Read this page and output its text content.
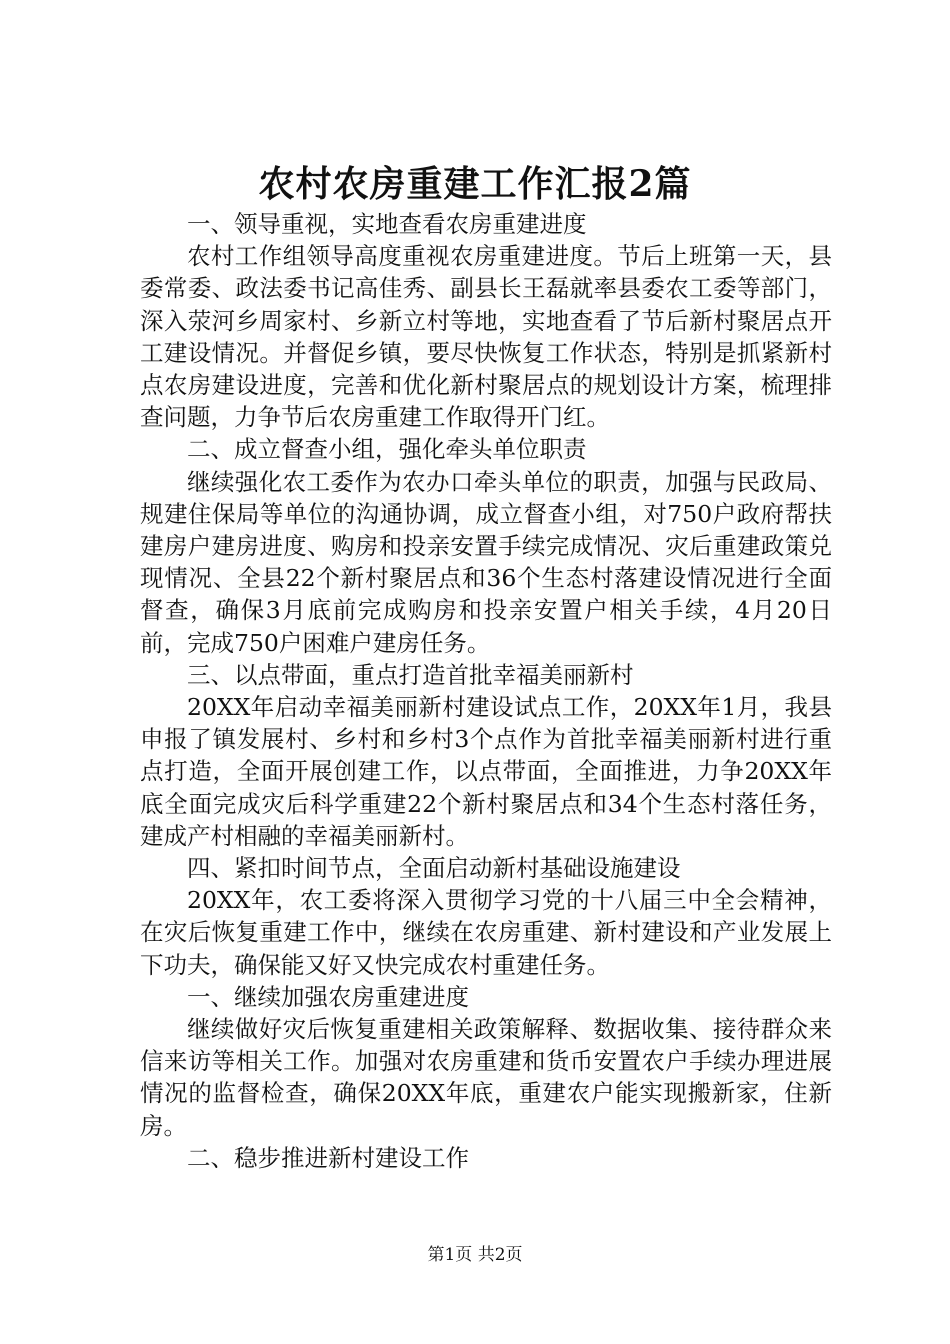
农村农房重建工作汇报2篇

一、领导重视，实地查看农房重建进度

农村工作组领导高度重视农房重建进度。节后上班第一天，县委常委、政法委书记高佳秀、副县长王磊就率县委农工委等部门，深入荥河乡周家村、乡新立村等地，实地查看了节后新村聚居点开工建设情况。并督促乡镇，要尽快恢复工作状态，特别是抓紧新村点农房建设进度，完善和优化新村聚居点的规划设计方案，梳理排查问题，力争节后农房重建工作取得开门红。

二、成立督查小组，强化牵头单位职责

继续强化农工委作为农办口牵头单位的职责，加强与民政局、规建住保局等单位的沟通协调，成立督查小组，对750户政府帮扶建房户建房进度、购房和投亲安置手续完成情况、灾后重建政策兑现情况、全县22个新村聚居点和36个生态村落建设情况进行全面督查，确保3月底前完成购房和投亲安置户相关手续，4月20日前，完成750户困难户建房任务。

三、以点带面，重点打造首批幸福美丽新村

20XX年启动幸福美丽新村建设试点工作，20XX年1月，我县申报了镇发展村、乡村和乡村3个点作为首批幸福美丽新村进行重点打造，全面开展创建工作，以点带面，全面推进，力争20XX年底全面完成灾后科学重建22个新村聚居点和34个生态村落任务，建成产村相融的幸福美丽新村。

四、紧扣时间节点，全面启动新村基础设施建设

20XX年，农工委将深入贯彻学习党的十八届三中全会精神，在灾后恢复重建工作中，继续在农房重建、新村建设和产业发展上下功夫，确保能又好又快完成农村重建任务。

一、继续加强农房重建进度

继续做好灾后恢复重建相关政策解释、数据收集、接待群众来信来访等相关工作。加强对农房重建和货币安置农户手续办理进展情况的监督检查，确保20XX年底，重建农户能实现搬新家，住新房。

二、稳步推进新村建设工作

第1页 共2页
